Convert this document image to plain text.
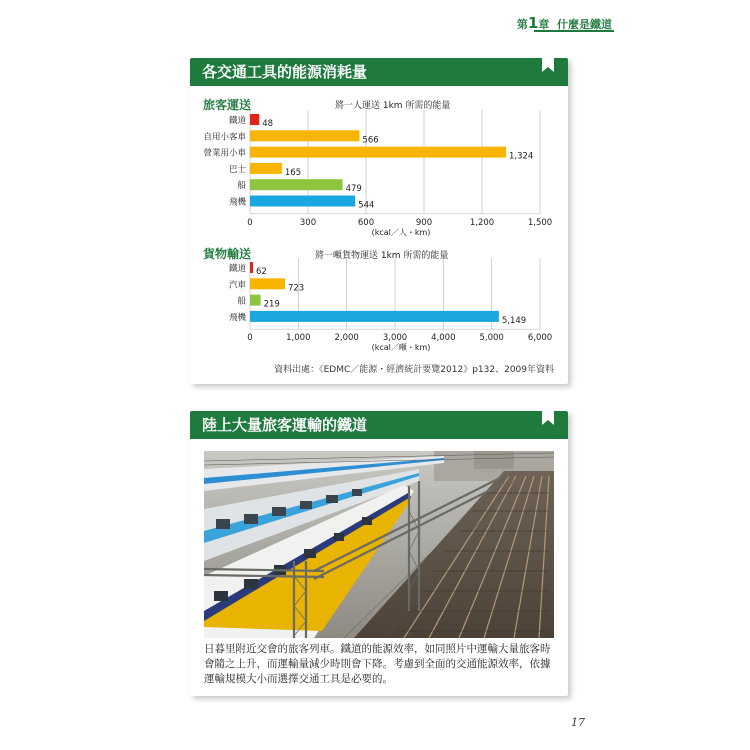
第1章 什麼是鐵道
各交通工具的能源消耗量
旅客運送	將一人運送 1km 所需的能量
鐵道 48
自用小客車	566
營業用小車	1,324
巴士	165
船	479
飛機	544
0	300	600	900	1,200	1,500
(kcal／人・km)
貨物輸送	將一噸貨物運送 1km 所需的能量
鐵道 62
汽車	723
船 219
飛機	5,149
0	1,000	2,000	3,000	4,000	5,000	6,000
(kcal／噸・km)
資料出處：《EDMC／能源・經濟統計要覽2012》p132、2009年資料
陸上大量旅客運輸的鐵道
日暮里附近交會的旅客列車。鐵道的能源效率，如同照片中運輸大量旅客時會隨之上升，而運輸量減少時則會下降。考慮到全面的交通能源效率，依據運輸規模大小而選擇交通工具是必要的。
17
